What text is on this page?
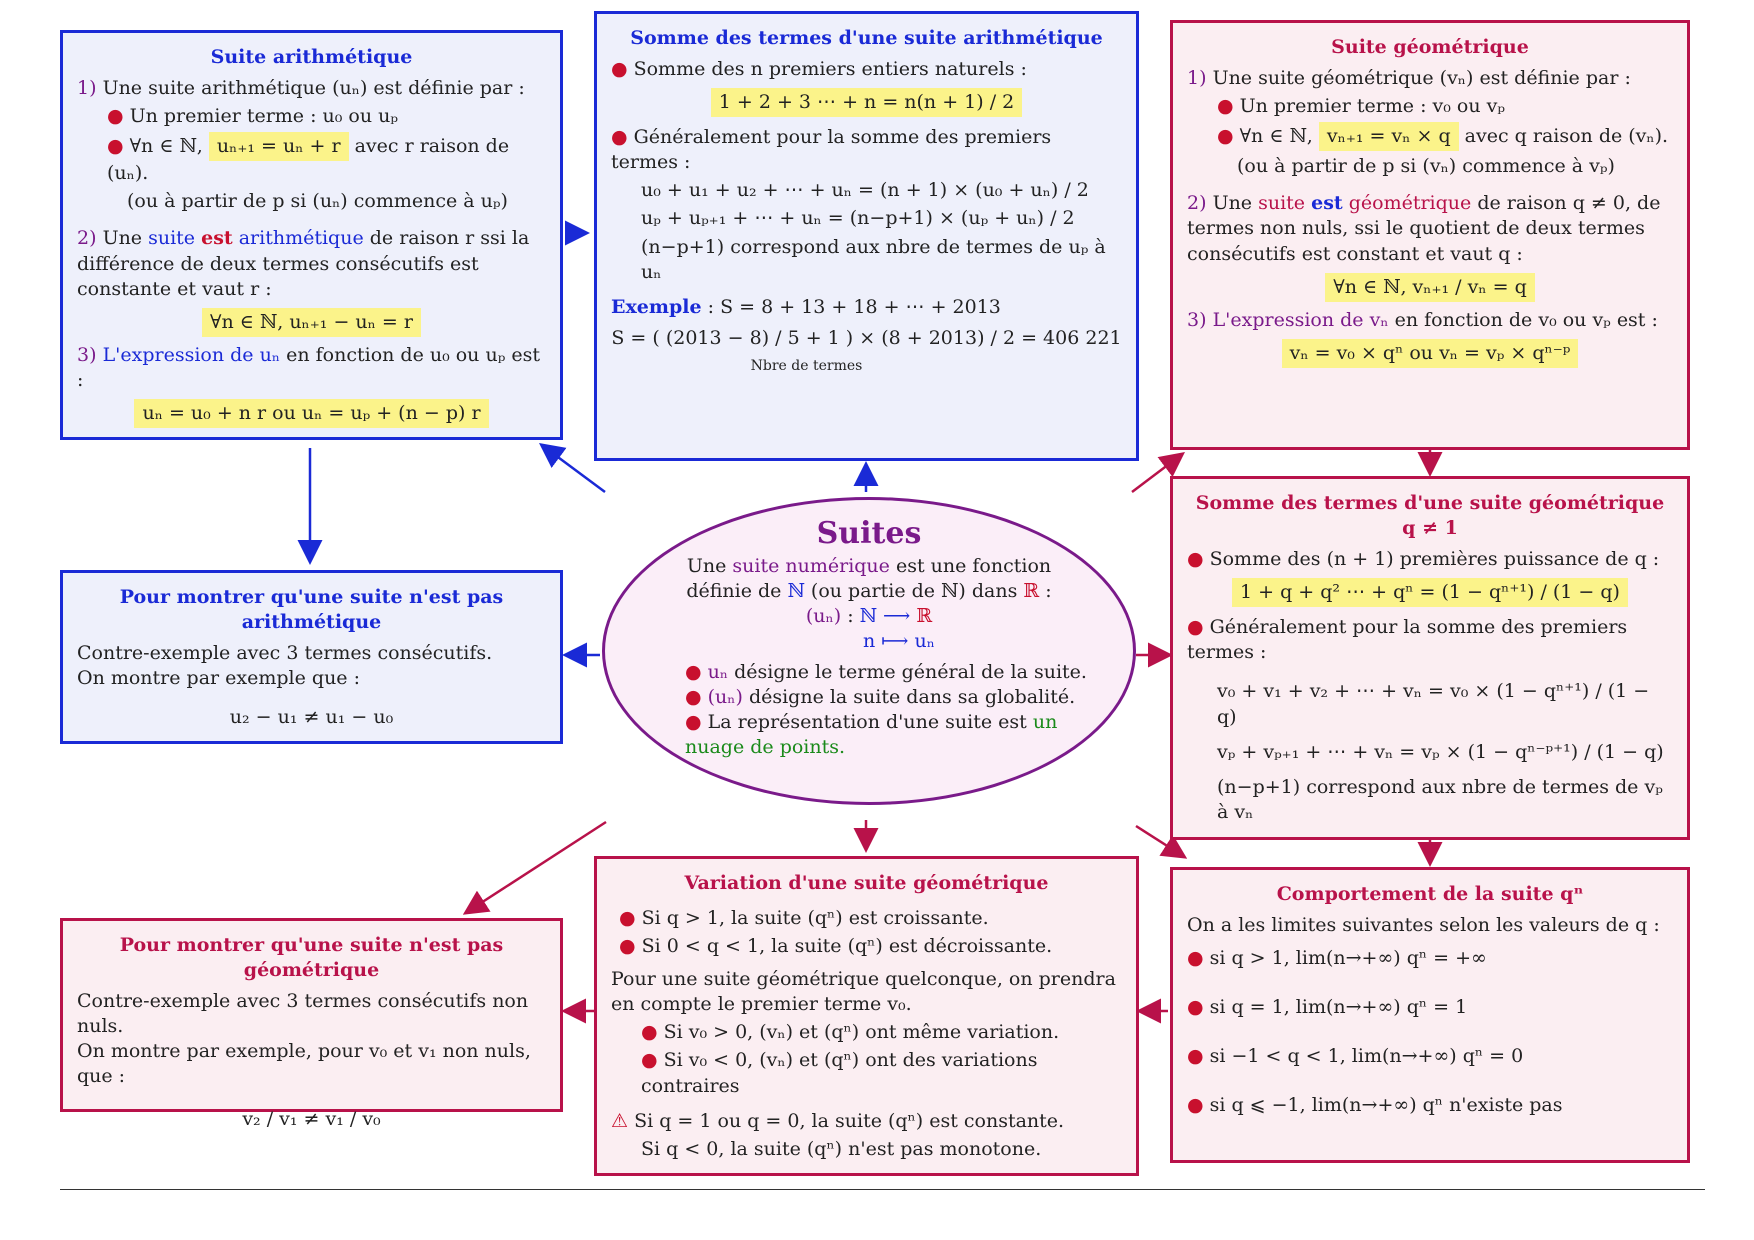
Suite arithmétique
1) Une suite arithmétique (uₙ) est définie par :
● Un premier terme : u₀ ou uₚ
● ∀n ∈ ℕ, uₙ₊₁ = uₙ + r avec r raison de (uₙ).
(ou à partir de p si (uₙ) commence à uₚ)
2) Une suite est arithmétique de raison r ssi la différence de deux termes consécutifs est constante et vaut r :
∀n ∈ ℕ, uₙ₊₁ − uₙ = r
3) L'expression de uₙ en fonction de u₀ ou uₚ est :
uₙ = u₀ + n r ou uₙ = uₚ + (n − p) r
Somme des termes d'une suite arithmétique
● Somme des n premiers entiers naturels :
1 + 2 + 3 ⋯ + n = n(n + 1) / 2
● Généralement pour la somme des premiers termes :
u₀ + u₁ + u₂ + ⋯ + uₙ = (n + 1) × (u₀ + uₙ) / 2
uₚ + uₚ₊₁ + ⋯ + uₙ = (n−p+1) × (uₚ + uₙ) / 2
(n−p+1) correspond aux nbre de termes de uₚ à uₙ
Exemple : S = 8 + 13 + 18 + ⋯ + 2013
S = ( (2013 − 8) / 5 + 1 ) × (8 + 2013) / 2 = 406 221
Nbre de termes
Suite géométrique
1) Une suite géométrique (vₙ) est définie par :
● Un premier terme : v₀ ou vₚ
● ∀n ∈ ℕ, vₙ₊₁ = vₙ × q avec q raison de (vₙ).
(ou à partir de p si (vₙ) commence à vₚ)
2) Une suite est géométrique de raison q ≠ 0, de termes non nuls, ssi le quotient de deux termes consécutifs est constant et vaut q :
∀n ∈ ℕ, vₙ₊₁ / vₙ = q
3) L'expression de vₙ en fonction de v₀ ou vₚ est :
vₙ = v₀ × qⁿ ou vₙ = vₚ × qⁿ⁻ᵖ
Somme des termes d'une suite géométrique q ≠ 1
● Somme des (n + 1) premières puissance de q :
1 + q + q² ⋯ + qⁿ = (1 − qⁿ⁺¹) / (1 − q)
● Généralement pour la somme des premiers termes :
v₀ + v₁ + v₂ + ⋯ + vₙ = v₀ × (1 − qⁿ⁺¹) / (1 − q)
vₚ + vₚ₊₁ + ⋯ + vₙ = vₚ × (1 − qⁿ⁻ᵖ⁺¹) / (1 − q)
(n−p+1) correspond aux nbre de termes de vₚ à vₙ
Suites
Une suite numérique est une fonction
définie de ℕ (ou partie de ℕ) dans ℝ :
(uₙ) : ℕ ⟶ ℝ
n ⟼ uₙ
● uₙ désigne le terme général de la suite.
● (uₙ) désigne la suite dans sa globalité.
● La représentation d'une suite est un nuage de points.
Pour montrer qu'une suite n'est pas arithmétique
Contre-exemple avec 3 termes consécutifs.
On montre par exemple que :
u₂ − u₁ ≠ u₁ − u₀
Pour montrer qu'une suite n'est pas géométrique
Contre-exemple avec 3 termes consécutifs non nuls.
On montre par exemple, pour v₀ et v₁ non nuls, que :
v₂ / v₁ ≠ v₁ / v₀
Variation d'une suite géométrique
● Si q > 1, la suite (qⁿ) est croissante.
● Si 0 < q < 1, la suite (qⁿ) est décroissante.
Pour une suite géométrique quelconque, on prendra en compte le premier terme v₀.
● Si v₀ > 0, (vₙ) et (qⁿ) ont même variation.
● Si v₀ < 0, (vₙ) et (qⁿ) ont des variations contraires
⚠ Si q = 1 ou q = 0, la suite (qⁿ) est constante.
Si q < 0, la suite (qⁿ) n'est pas monotone.
Comportement de la suite qⁿ
On a les limites suivantes selon les valeurs de q :
● si q > 1, lim(n→+∞) qⁿ = +∞
● si q = 1, lim(n→+∞) qⁿ = 1
● si −1 < q < 1, lim(n→+∞) qⁿ = 0
● si q ⩽ −1, lim(n→+∞) qⁿ n'existe pas
